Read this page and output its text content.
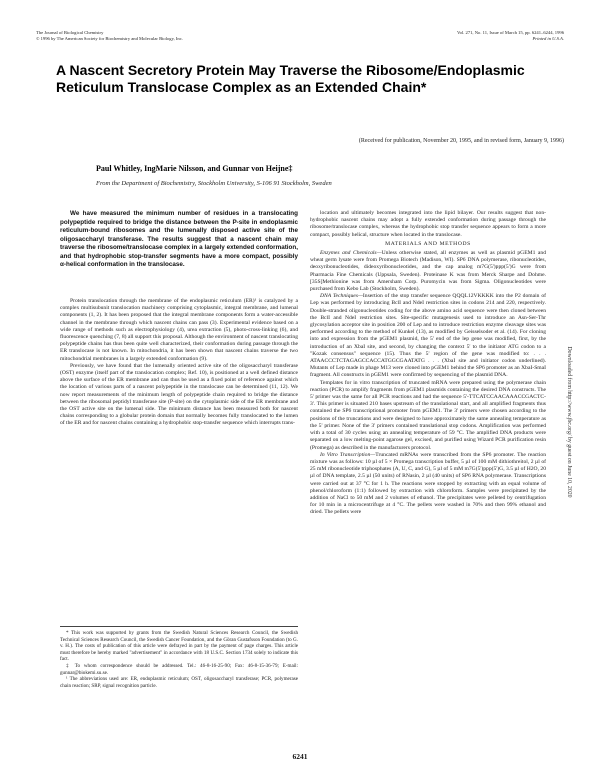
The Journal of Biological Chemistry
© 1996 by The American Society for Biochemistry and Molecular Biology, Inc.
Vol. 271, No. 11, Issue of March 15, pp. 6241–6244, 1996
Printed in U.S.A.
A Nascent Secretory Protein May Traverse the Ribosome/Endoplasmic Reticulum Translocase Complex as an Extended Chain*
(Received for publication, November 20, 1995, and in revised form, January 9, 1996)
Paul Whitley, IngMarie Nilsson, and Gunnar von Heijne‡
From the Department of Biochemistry, Stockholm University, S-106 91 Stockholm, Sweden
We have measured the minimum number of residues in a translocating polypeptide required to bridge the distance between the P-site in endoplasmic reticulum-bound ribosomes and the lumenally disposed active site of the oligosaccharyl transferase. The results suggest that a nascent chain may traverse the ribosome/translocase complex in a largely extended conformation, and that hydrophobic stop-transfer segments have a more compact, possibly α-helical conformation in the translocase.

Protein translocation through the membrane of the endoplasmic reticulum (ER)¹ is catalyzed by a complex multisubunit translocation machinery comprising cytoplasmic, integral membrane, and lumenal components (1, 2). It has been proposed that the integral membrane components form a water-accessible channel in the membrane through which nascent chains can pass (3). Experimental evidence based on a wide range of methods such as electrophysiology (4), urea extraction (5), photo-cross-linking (6), and fluorescence quenching (7, 8) all support this proposal. Although the environment of nascent translocating polypeptide chains has thus been quite well characterized, their conformation during passage through the ER translocase is not known. In mitochondria, it has been shown that nascent chains traverse the two mitochondrial membranes in a largely extended conformation (9).

Previously, we have found that the lumenally oriented active site of the oligosaccharyl transferase (OST) enzyme (itself part of the translocation complex; Ref. 10), is positioned at a well defined distance above the surface of the ER membrane and can thus be used as a fixed point of reference against which the location of various parts of a nascent polypeptide in the translocase can be determined (11, 12). We now report measurements of the minimum length of polypeptide chain required to bridge the distance between the ribosomal peptidyl transferase site (P-site) on the cytoplasmic side of the ER membrane and the OST active site on the lumenal side. The minimum distance has been measured both for nascent chains corresponding to a globular protein domain that normally becomes fully translocated to the lumen of the ER and for nascent chains containing a hydrophobic stop-transfer sequence which interrupts trans-

* This work was supported by grants from the Swedish Natural Sciences Research Council, the Swedish Technical Sciences Research Council, the Swedish Cancer Foundation, and the Göran Gustafsson Foundation (to G. v. H.). The costs of publication of this article were defrayed in part by the payment of page charges. This article must therefore be hereby marked "advertisement" in accordance with 18 U.S.C. Section 1734 solely to indicate this fact.

‡ To whom correspondence should be addressed. Tel.: 46-8-16-25-90; Fax: 46-8-15-36-79; E-mail: gunnar@biokemi.su.se.

¹ The abbreviations used are: ER, endoplasmic reticulum; OST, oligosaccharyl transferase; PCR, polymerase chain reaction; SRP, signal recognition particle.

location and ultimately becomes integrated into the lipid bilayer. Our results suggest that non-hydrophobic nascent chains may adopt a fully extended conformation during passage through the ribosome/translocase complex, whereas the hydrophobic stop transfer sequence appears to form a more compact, possibly helical, structure when located in the translocase.

MATERIALS AND METHODS

Enzymes and Chemicals—Unless otherwise stated, all enzymes as well as plasmid pGEM1 and wheat germ lysate were from Promega Biotech (Madison, WI). SP6 DNA polymerase, ribonucleotides, deoxyribonucleotides, dideoxyribonucleotides, and the cap analog m7G(5')ppp(5')G were from Pharmacia Fine Chemicals (Uppsala, Sweden). Proteinase K was from Merck Sharpe and Dohme. [35S]Methionine was from Amersham Corp. Puromycin was from Sigma. Oligonucleotides were purchased from Kebo Lab (Stockholm, Sweden).

DNA Techniques—Insertion of the stop transfer sequence QQQL12VKKKK into the P2 domain of Lep was performed by introducing BclI and NdeI restriction sites in codons 214 and 220, respectively. Double-stranded oligonucleotides coding for the above amino acid sequence were then cloned between the BclI and NdeI restriction sites. Site-specific mutagenesis used to introduce an Asn-Ser-Thr glycosylation acceptor site in position 200 of Lep and to introduce restriction enzyme cleavage sites was performed according to the method of Kunkel (13), as modified by Geisselsoder et al. (14). For cloning into and expression from the pGEM1 plasmid, the 5' end of the lep gene was modified, first, by the introduction of an XbaI site, and second, by changing the context 5' to the initiator ATG codon to a "Kozak consensus" sequence (15). Thus the 5' region of the gene was modified to: . . . ATAACCCTCTAGAGCCACCATGGCGAATATG . . . (XbaI site and initiator codon underlined). Mutants of Lep made in phage M13 were cloned into pGEM1 behind the SP6 promoter as an XbaI-SmaI fragment. All constructs in pGEM1 were confirmed by sequencing of the plasmid DNA.

Templates for in vitro transcription of truncated mRNA were prepared using the polymerase chain reaction (PCR) to amplify fragments from pGEM1 plasmids containing the desired DNA constructs. The 5' primer was the same for all PCR reactions and had the sequence 5'-TTCATCCAACAAACCGACTC-3'. This primer is situated 210 bases upstream of the translational start, and all amplified fragments thus contained the SP6 transcriptional promoter from pGEM1. The 3' primers were chosen according to the positions of the truncations and were designed to have approximately the same annealing temperature as the 5' primer. None of the 3' primers contained translational stop codons. Amplification was performed with a total of 30 cycles using an annealing temperature of 59 °C. The amplified DNA products were separated on a low melting-point agarose gel, excised, and purified using Wizard PCR purification resin (Promega) as described in the manufacturers protocol.

In Vitro Transcription—Truncated mRNAs were transcribed from the SP6 promoter. The reaction mixture was as follows: 10 µl of 5 × Promega transcription buffer, 5 µl of 100 mM dithiothreitol, 2 µl of 25 mM ribonucleotide triphosphates (A, U, C, and G), 5 µl of 5 mM m7G(5')ppp(5')G, 3.5 µl of H2O, 20 µl of DNA template, 2.5 µl (50 units) of RNasin, 2 µl (40 units) of SP6 RNA polymerase. Transcriptions were carried out at 37 °C for 1 h. The reactions were stopped by extracting with an equal volume of phenol/chloroform (1:1) followed by extraction with chloroform. Samples were precipitated by the addition of NaCl to 50 mM and 2 volumes of ethanol. The precipitates were pelleted by centrifugation for 10 min in a microcentrifuge at 4 °C. The pellets were washed in 70% and then 99% ethanol and dried. The pellets were

Downloaded from http://www.jbc.org/ by guest on June 10, 2020
6241
